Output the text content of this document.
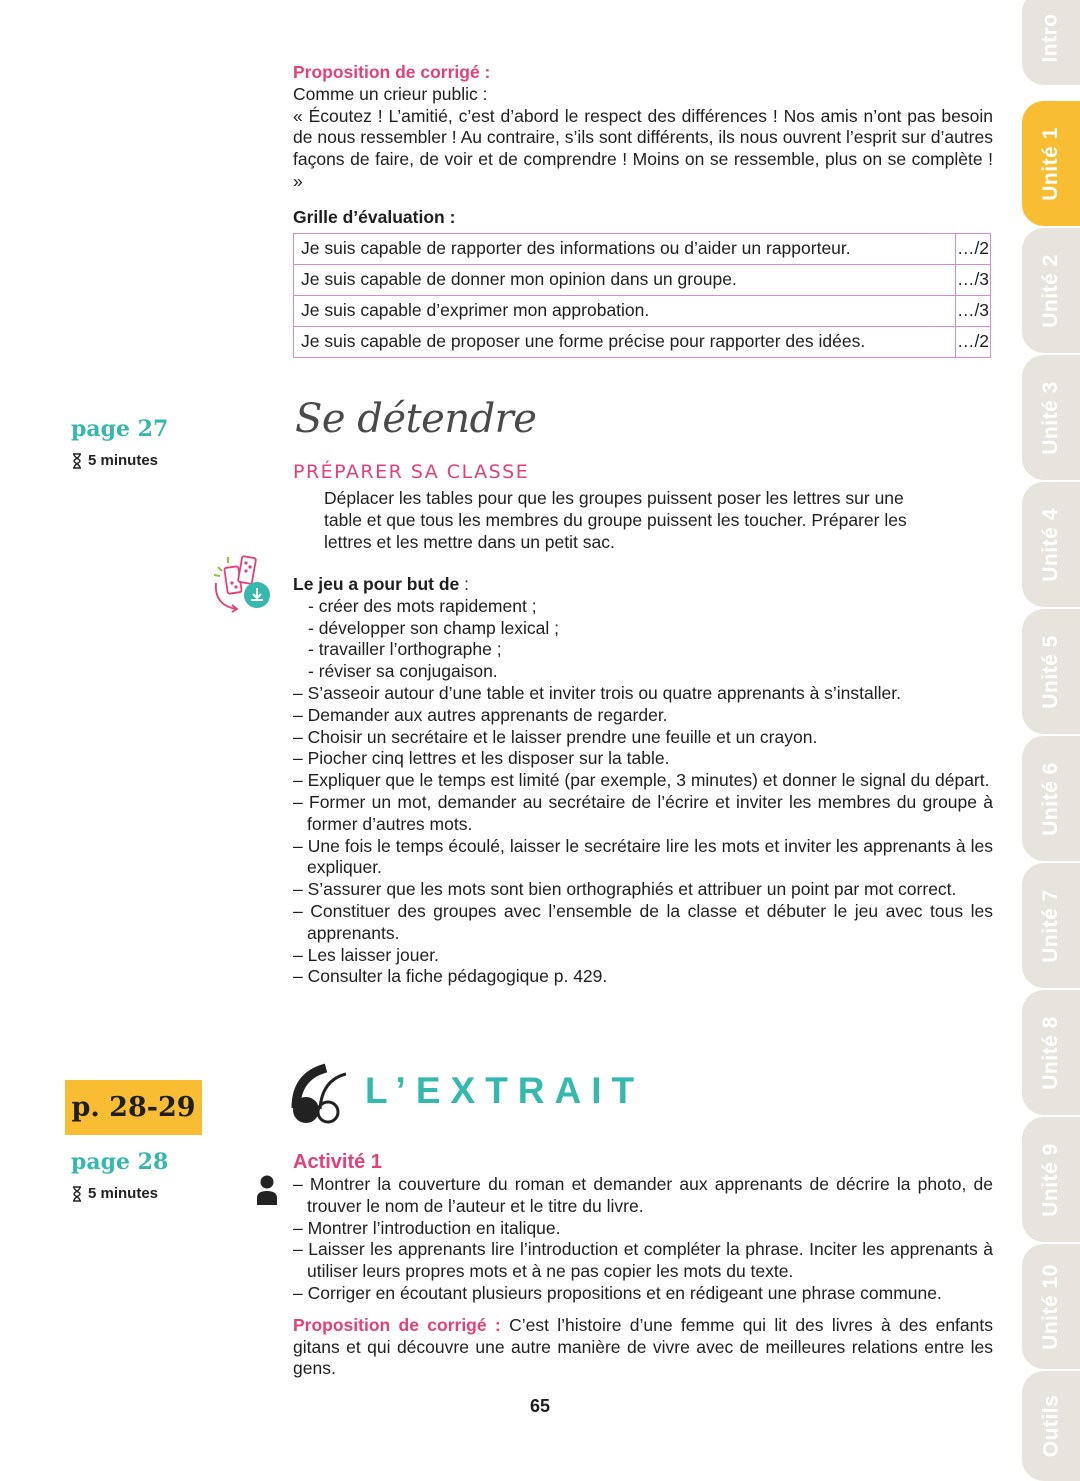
Intro
Unité 1
Unité 2
Unité 3
Unité 4
Unité 5
Unité 6
Unité 7
Unité 8
Unité 9
Unité 10
Outils
Proposition de corrigé :
Comme un crieur public :
« Écoutez ! L’amitié, c’est d’abord le respect des différences ! Nos amis n’ont pas besoin de nous ressembler ! Au contraire, s’ils sont différents, ils nous ouvrent l’esprit sur d’autres façons de faire, de voir et de comprendre ! Moins on se ressemble, plus on se complète ! »
Grille d’évaluation :
Je suis capable de rapporter des informations ou d’aider un rapporteur.	…/2
Je suis capable de donner mon opinion dans un groupe.	…/3
Je suis capable d’exprimer mon approbation.	…/3
Je suis capable de proposer une forme précise pour rapporter des idées.	…/2
page 27
5 minutes
Se détendre
PRÉPARER SA CLASSE
Déplacer les tables pour que les groupes puissent poser les lettres sur une table et que tous les membres du groupe puissent les toucher. Préparer les lettres et les mettre dans un petit sac.
Le jeu a pour but de :
- créer des mots rapidement ;
- développer son champ lexical ;
- travailler l’orthographe ;
- réviser sa conjugaison.
– S’asseoir autour d’une table et inviter trois ou quatre apprenants à s’installer.
– Demander aux autres apprenants de regarder.
– Choisir un secrétaire et le laisser prendre une feuille et un crayon.
– Piocher cinq lettres et les disposer sur la table.
– Expliquer que le temps est limité (par exemple, 3 minutes) et donner le signal du départ.
– Former un mot, demander au secrétaire de l’écrire et inviter les membres du groupe à former d’autres mots.
– Une fois le temps écoulé, laisser le secrétaire lire les mots et inviter les apprenants à les expliquer.
– S’assurer que les mots sont bien orthographiés et attribuer un point par mot correct.
– Constituer des groupes avec l’ensemble de la classe et débuter le jeu avec tous les apprenants.
– Les laisser jouer.
– Consulter la fiche pédagogique p. 429.
p. 28-29
page 28
5 minutes
L’EXTRAIT
Activité 1
– Montrer la couverture du roman et demander aux apprenants de décrire la photo, de trouver le nom de l’auteur et le titre du livre.
– Montrer l’introduction en italique.
– Laisser les apprenants lire l’introduction et compléter la phrase. Inciter les apprenants à utiliser leurs propres mots et à ne pas copier les mots du texte.
– Corriger en écoutant plusieurs propositions et en rédigeant une phrase commune.
Proposition de corrigé : C’est l’histoire d’une femme qui lit des livres à des enfants gitans et qui découvre une autre manière de vivre avec de meilleures relations entre les gens.
65
